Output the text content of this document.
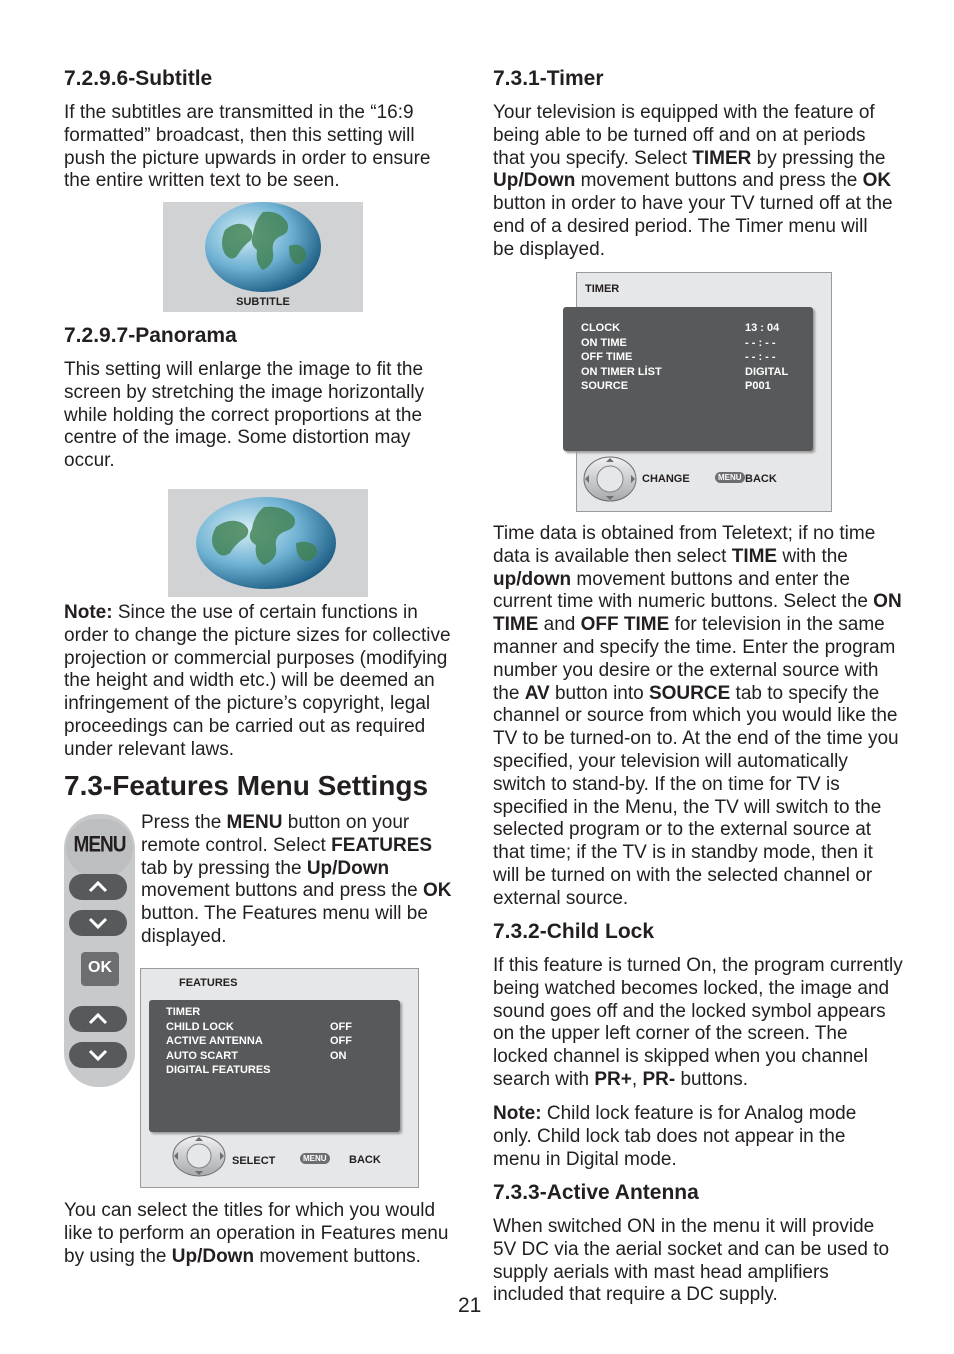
7.2.9.6-Subtitle

If the subtitles are transmitted in the “16:9 formatted” broadcast, then this setting will push the picture upwards in order to ensure the entire written text to be seen.

SUBTITLE
7.2.9.7-Panorama

This setting will enlarge the image to fit the screen by stretching the image horizontally while holding the correct proportions at the centre of the image. Some distortion may occur.

Note: Since the use of certain functions in order to change the picture sizes for collective projection or commercial purposes (modifying the height and width etc.) will be deemed an infringement of the picture’s copyright, legal proceedings can be carried out as required under relevant laws.

7.3-Features Menu Settings
MENU
OK

Press the MENU button on your remote control. Select FEATURES tab by pressing the Up/Down movement buttons and press the OK button. The Features menu will be displayed.

FEATURES
TIMER
CHILD LOCK	OFF
ACTIVE ANTENNA	OFF
AUTO SCART	ON
DIGITAL FEATURES
SELECT	MENU BACK

You can select the titles for which you would like to perform an operation in Features menu by using the Up/Down movement buttons.

21
7.3.1-Timer

Your television is equipped with the feature of being able to be turned off and on at periods that you specify. Select TIMER by pressing the Up/Down movement buttons and press the OK button in order to have your TV turned off at the end of a desired period. The Timer menu will be displayed.

TIMER
CLOCK	13 : 04
ON TIME	- - : - -
OFF TIME	- - : - -
ON TIMER LİST	DIGITAL
SOURCE	P001
CHANGE	MENU BACK

Time data is obtained from Teletext; if no time data is available then select TIME with the up/down movement buttons and enter the current time with numeric buttons. Select the ON TIME and OFF TIME for television in the same manner and specify the time. Enter the program number you desire or the external source with the AV button into SOURCE tab to specify the channel or source from which you would like the TV to be turned-on to. At the end of the time you specified, your television will automatically switch to stand-by. If the on time for TV is specified in the Menu, the TV will switch to the selected program or to the external source at that time; if the TV is in standby mode, then it will be turned on with the selected channel or external source.

7.3.2-Child Lock

If this feature is turned On, the program currently being watched becomes locked, the image and sound goes off and the locked symbol appears on the upper left corner of the screen. The locked channel is skipped when you channel search with PR+, PR- buttons.

Note: Child lock feature is for Analog mode only. Child lock tab does not appear in the menu in Digital mode.

7.3.3-Active Antenna

When switched ON in the menu it will provide 5V DC via the aerial socket and can be used to supply aerials with mast head amplifiers included that require a DC supply.
